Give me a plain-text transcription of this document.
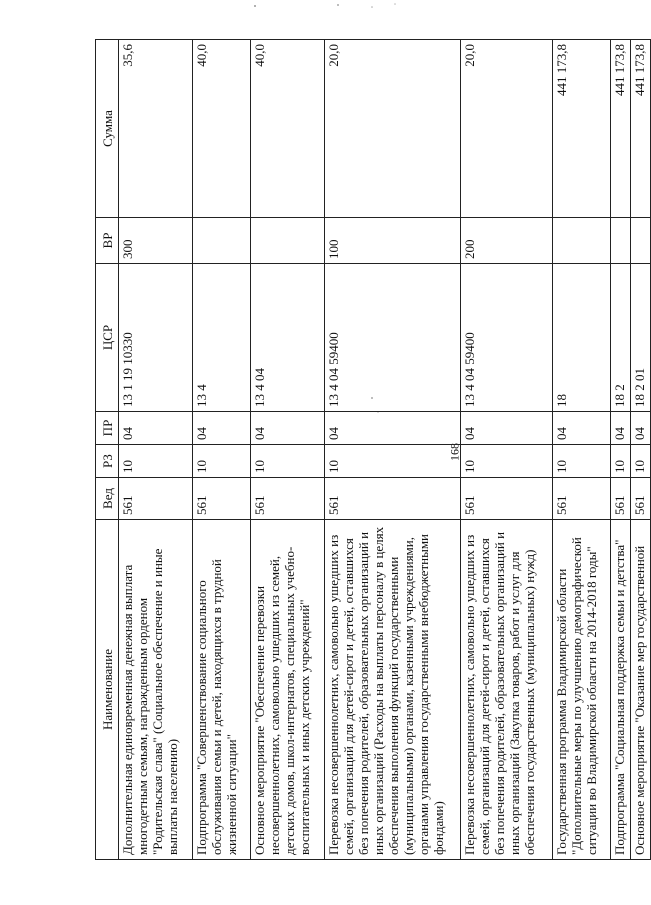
168
Наименование	Вед	РЗ	ПР	ЦСР	ВР	Сумма
Дополнительная единовременная денежная выплата многодетным семьям, награжденным орденом "Родительская слава" (Социальное обеспечение и иные выплаты населению)	561	10	04	13 1 19 10330	300	35,6
Подпрограмма "Совершенствование социального обслуживания семьи и детей, находящихся в трудной жизненной ситуации"	561	10	04	13 4		40,0
Основное мероприятие "Обеспечение перевозки несовершеннолетних, самовольно ушедших из семей, детских домов, школ-интернатов, специальных учебно-воспитательных и иных детских учреждений"	561	10	04	13 4 04		40,0
Перевозка несовершеннолетних, самовольно ушедших из семей, организаций для детей-сирот и детей, оставшихся без попечения родителей, образовательных организаций и иных организаций (Расходы на выплаты персоналу в целях обеспечения выполнения функций государственными (муниципальными) органами, казенными учреждениями, органами управления государственными внебюджетными фондами)	561	10	04	13 4 04 59400	100	20,0
Перевозка несовершеннолетних, самовольно ушедших из семей, организаций для детей-сирот и детей, оставшихся без попечения родителей, образовательных организаций и иных организаций (Закупка товаров, работ и услуг для обеспечения государственных (муниципальных) нужд)	561	10	04	13 4 04 59400	200	20,0
Государственная программа Владимирской области "Дополнительные меры по улучшению демографической ситуации во Владимирской области на 2014-2018 годы"	561	10	04	18		441 173,8
Подпрограмма "Социальная поддержка семьи и детства"	561	10	04	18 2		441 173,8
Основное мероприятие "Оказание мер государственной	561	10	04	18 2 01		441 173,8
